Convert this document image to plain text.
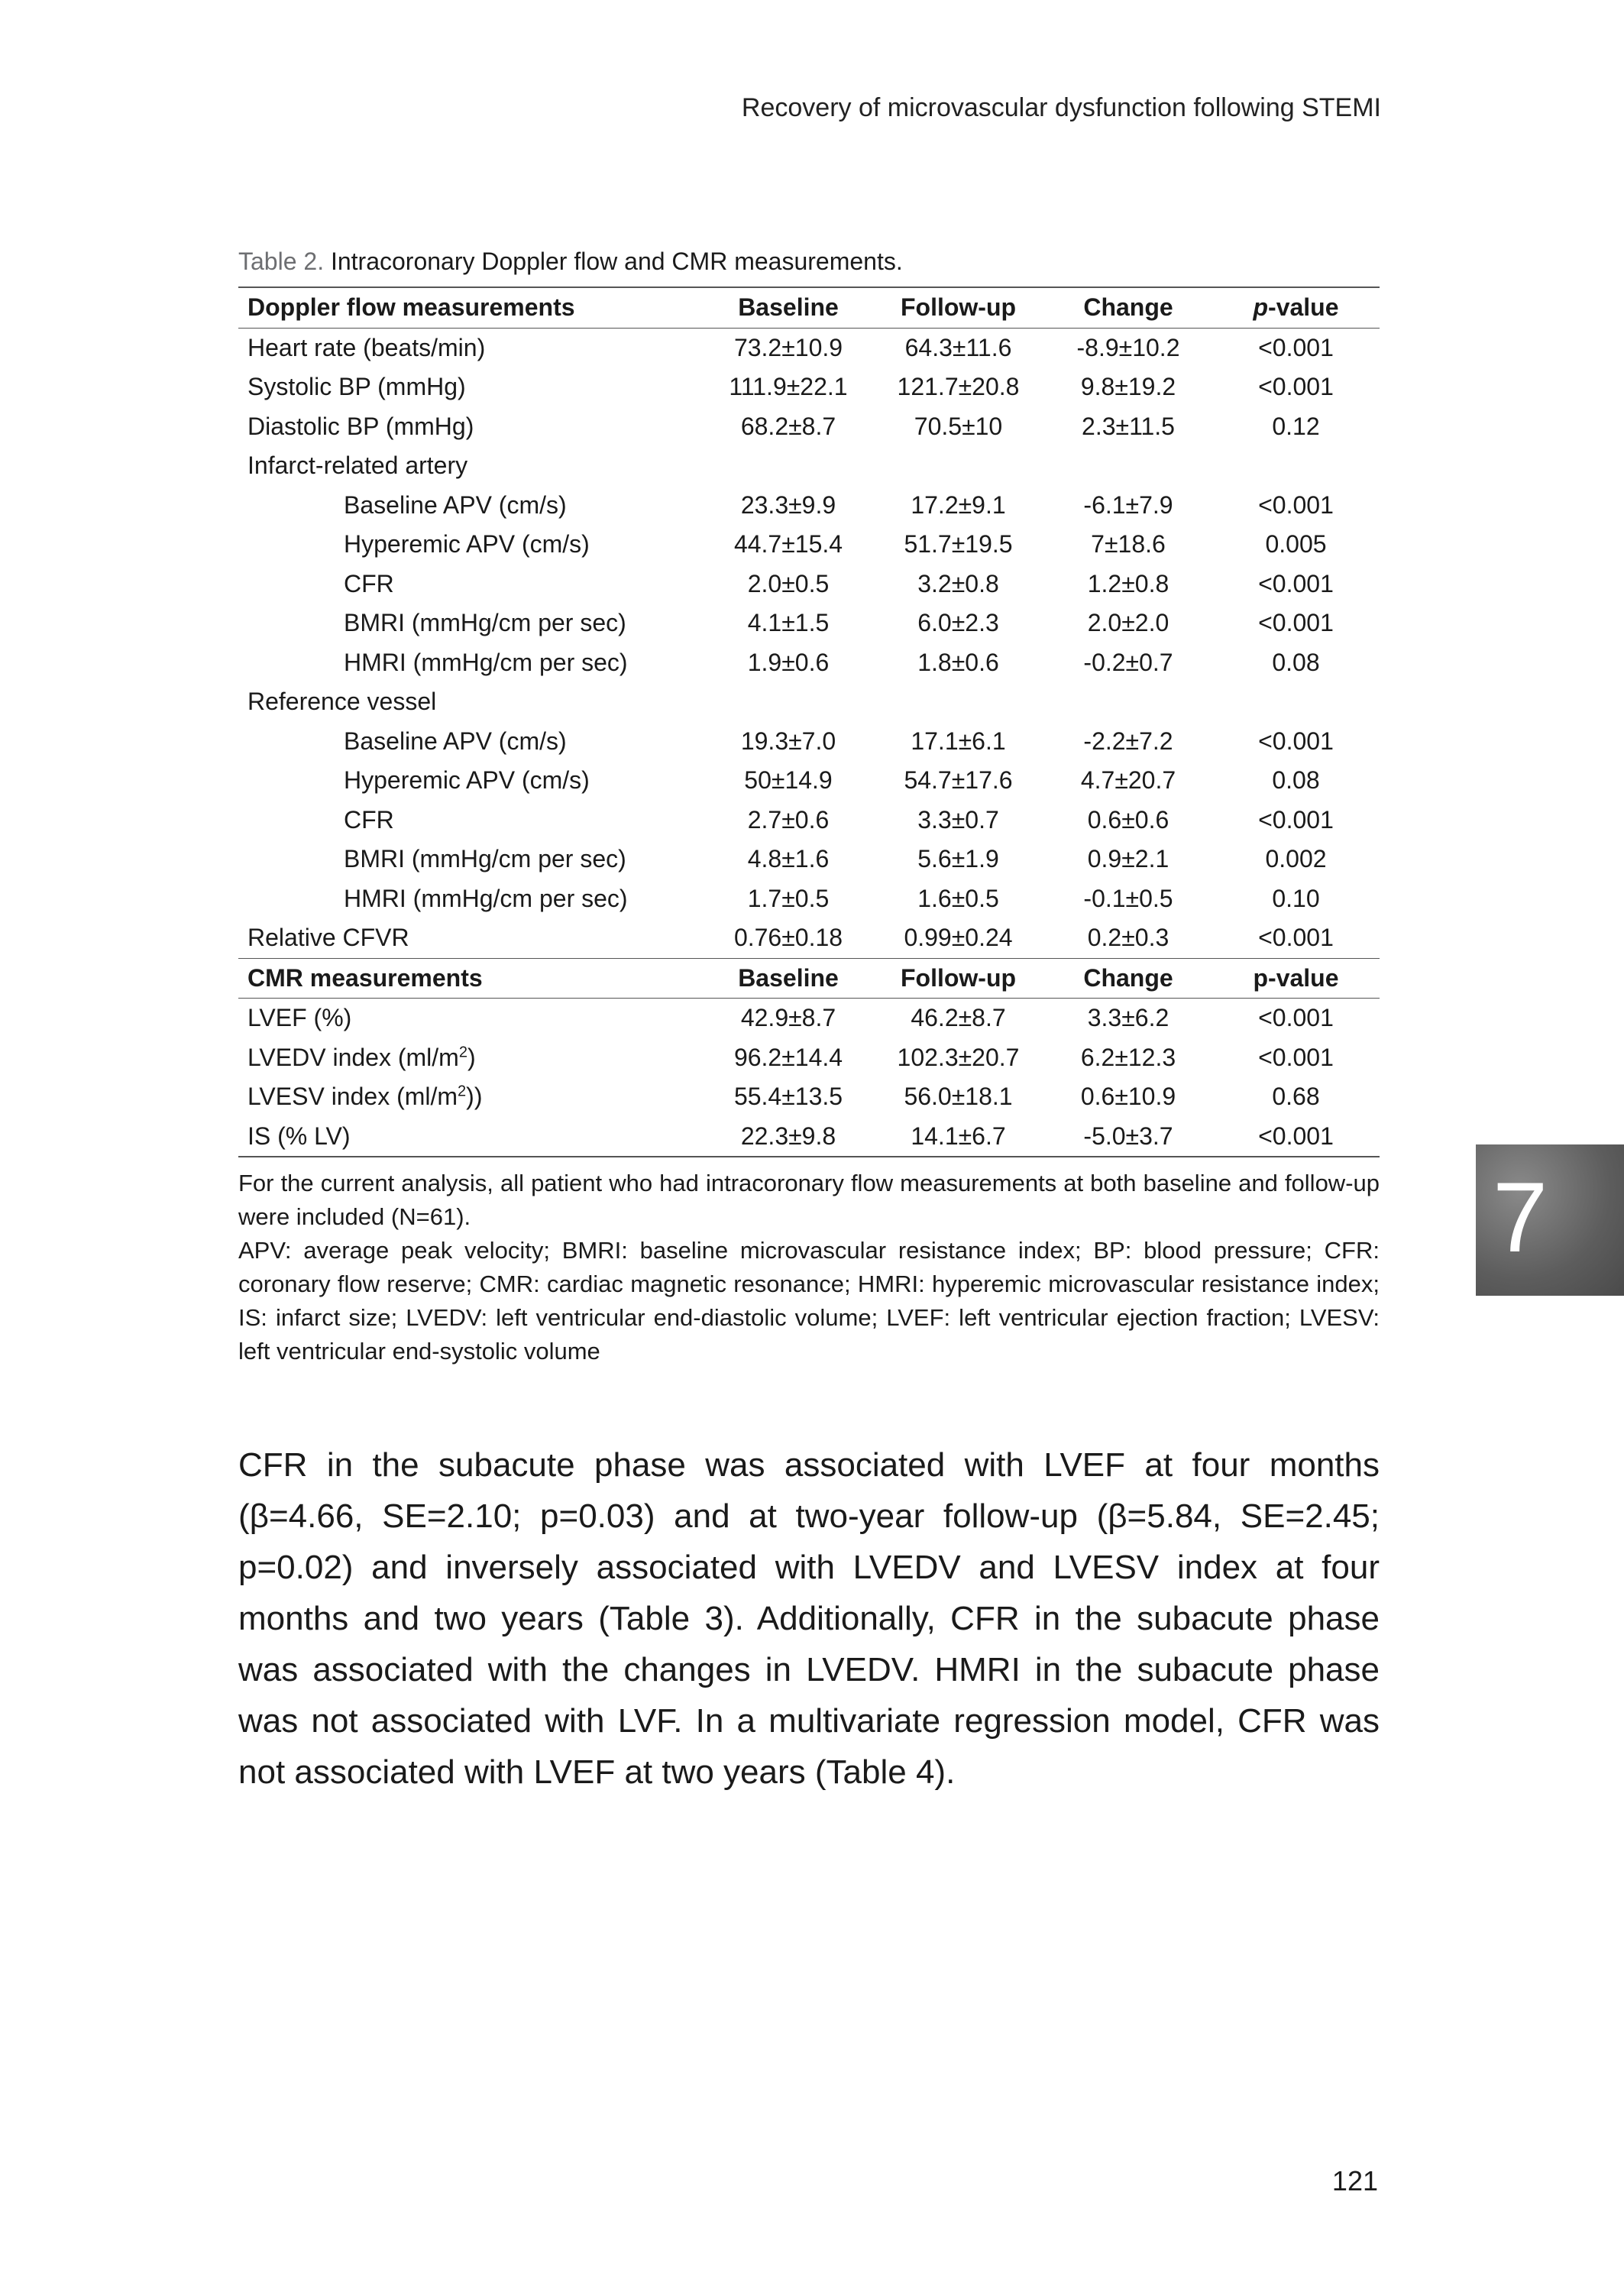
Recovery of microvascular dysfunction following STEMI
Table 2. Intracoronary Doppler flow and CMR measurements.
Doppler flow measurements	Baseline	Follow-up	Change	p-value
Heart rate (beats/min)	73.2±10.9	64.3±11.6	-8.9±10.2	<0.001
Systolic BP (mmHg)	111.9±22.1	121.7±20.8	9.8±19.2	<0.001
Diastolic BP (mmHg)	68.2±8.7	70.5±10	2.3±11.5	0.12
Infarct-related artery				
Baseline APV (cm/s)	23.3±9.9	17.2±9.1	-6.1±7.9	<0.001
Hyperemic APV (cm/s)	44.7±15.4	51.7±19.5	7±18.6	0.005
CFR	2.0±0.5	3.2±0.8	1.2±0.8	<0.001
BMRI (mmHg/cm per sec)	4.1±1.5	6.0±2.3	2.0±2.0	<0.001
HMRI (mmHg/cm per sec)	1.9±0.6	1.8±0.6	-0.2±0.7	0.08
Reference vessel				
Baseline APV (cm/s)	19.3±7.0	17.1±6.1	-2.2±7.2	<0.001
Hyperemic APV (cm/s)	50±14.9	54.7±17.6	4.7±20.7	0.08
CFR	2.7±0.6	3.3±0.7	0.6±0.6	<0.001
BMRI (mmHg/cm per sec)	4.8±1.6	5.6±1.9	0.9±2.1	0.002
HMRI (mmHg/cm per sec)	1.7±0.5	1.6±0.5	-0.1±0.5	0.10
Relative CFVR	0.76±0.18	0.99±0.24	0.2±0.3	<0.001
CMR measurements	Baseline	Follow-up	Change	p-value
LVEF (%)	42.9±8.7	46.2±8.7	3.3±6.2	<0.001
LVEDV index $(ml/m^2)$	96.2±14.4	102.3±20.7	6.2±12.3	<0.001
LVESV index $(ml/m^2)$)	55.4±13.5	56.0±18.1	0.6±10.9	0.68
IS (% LV)	22.3±9.8	14.1±6.7	-5.0±3.7	<0.001

For the current analysis, all patient who had intracoronary flow measurements at both baseline and follow-up were included (N=61).

APV: average peak velocity; BMRI: baseline microvascular resistance index; BP: blood pressure; CFR: coronary flow reserve; CMR: cardiac magnetic resonance; HMRI: hyperemic microvascular resistance index; IS: infarct size; LVEDV: left ventricular end-diastolic volume; LVEF: left ventricular ejection fraction; LVESV: left ventricular end-systolic volume

CFR in the subacute phase was associated with LVEF at four months (β=4.66, SE=2.10; p=0.03) and at two-year follow-up (β=5.84, SE=2.45; p=0.02) and inversely associated with LVEDV and LVESV index at four months and two years (Table 3). Additionally, CFR in the subacute phase was associated with the changes in LVEDV. HMRI in the subacute phase was not associated with LVF. In a multivariate regression model, CFR was not associated with LVEF at two years (Table 4).

7
121
